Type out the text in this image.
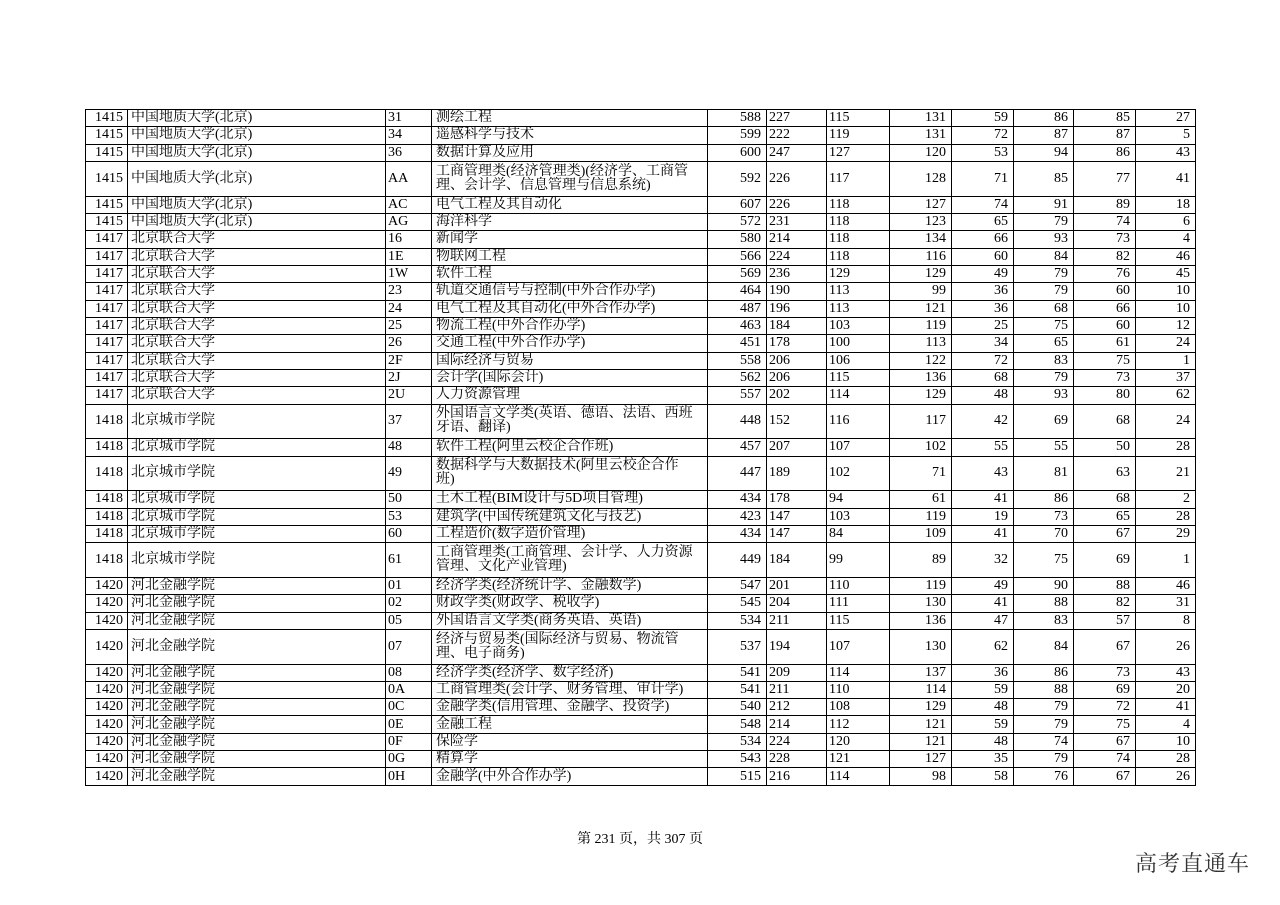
1415	中国地质大学(北京)	31	测绘工程	588	227	115	131	59	86	85	27
1415	中国地质大学(北京)	34	遥感科学与技术	599	222	119	131	72	87	87	5
1415	中国地质大学(北京)	36	数据计算及应用	600	247	127	120	53	94	86	43
1415	中国地质大学(北京)	AA	工商管理类(经济管理类)(经济学、工商管理、会计学、信息管理与信息系统)	592	226	117	128	71	85	77	41
1415	中国地质大学(北京)	AC	电气工程及其自动化	607	226	118	127	74	91	89	18
1415	中国地质大学(北京)	AG	海洋科学	572	231	118	123	65	79	74	6
1417	北京联合大学	16	新闻学	580	214	118	134	66	93	73	4
1417	北京联合大学	1E	物联网工程	566	224	118	116	60	84	82	46
1417	北京联合大学	1W	软件工程	569	236	129	129	49	79	76	45
1417	北京联合大学	23	轨道交通信号与控制(中外合作办学)	464	190	113	99	36	79	60	10
1417	北京联合大学	24	电气工程及其自动化(中外合作办学)	487	196	113	121	36	68	66	10
1417	北京联合大学	25	物流工程(中外合作办学)	463	184	103	119	25	75	60	12
1417	北京联合大学	26	交通工程(中外合作办学)	451	178	100	113	34	65	61	24
1417	北京联合大学	2F	国际经济与贸易	558	206	106	122	72	83	75	1
1417	北京联合大学	2J	会计学(国际会计)	562	206	115	136	68	79	73	37
1417	北京联合大学	2U	人力资源管理	557	202	114	129	48	93	80	62
1418	北京城市学院	37	外国语言文学类(英语、德语、法语、西班牙语、翻译)	448	152	116	117	42	69	68	24
1418	北京城市学院	48	软件工程(阿里云校企合作班)	457	207	107	102	55	55	50	28
1418	北京城市学院	49	数据科学与大数据技术(阿里云校企合作班)	447	189	102	71	43	81	63	21
1418	北京城市学院	50	土木工程(BIM设计与5D项目管理)	434	178	94	61	41	86	68	2
1418	北京城市学院	53	建筑学(中国传统建筑文化与技艺)	423	147	103	119	19	73	65	28
1418	北京城市学院	60	工程造价(数字造价管理)	434	147	84	109	41	70	67	29
1418	北京城市学院	61	工商管理类(工商管理、会计学、人力资源管理、文化产业管理)	449	184	99	89	32	75	69	1
1420	河北金融学院	01	经济学类(经济统计学、金融数学)	547	201	110	119	49	90	88	46
1420	河北金融学院	02	财政学类(财政学、税收学)	545	204	111	130	41	88	82	31
1420	河北金融学院	05	外国语言文学类(商务英语、英语)	534	211	115	136	47	83	57	8
1420	河北金融学院	07	经济与贸易类(国际经济与贸易、物流管理、电子商务)	537	194	107	130	62	84	67	26
1420	河北金融学院	08	经济学类(经济学、数字经济)	541	209	114	137	36	86	73	43
1420	河北金融学院	0A	工商管理类(会计学、财务管理、审计学)	541	211	110	114	59	88	69	20
1420	河北金融学院	0C	金融学类(信用管理、金融学、投资学)	540	212	108	129	48	79	72	41
1420	河北金融学院	0E	金融工程	548	214	112	121	59	79	75	4
1420	河北金融学院	0F	保险学	534	224	120	121	48	74	67	10
1420	河北金融学院	0G	精算学	543	228	121	127	35	79	74	28
1420	河北金融学院	0H	金融学(中外合作办学)	515	216	114	98	58	76	67	26
第 231 页，共 307 页
高考直通车
